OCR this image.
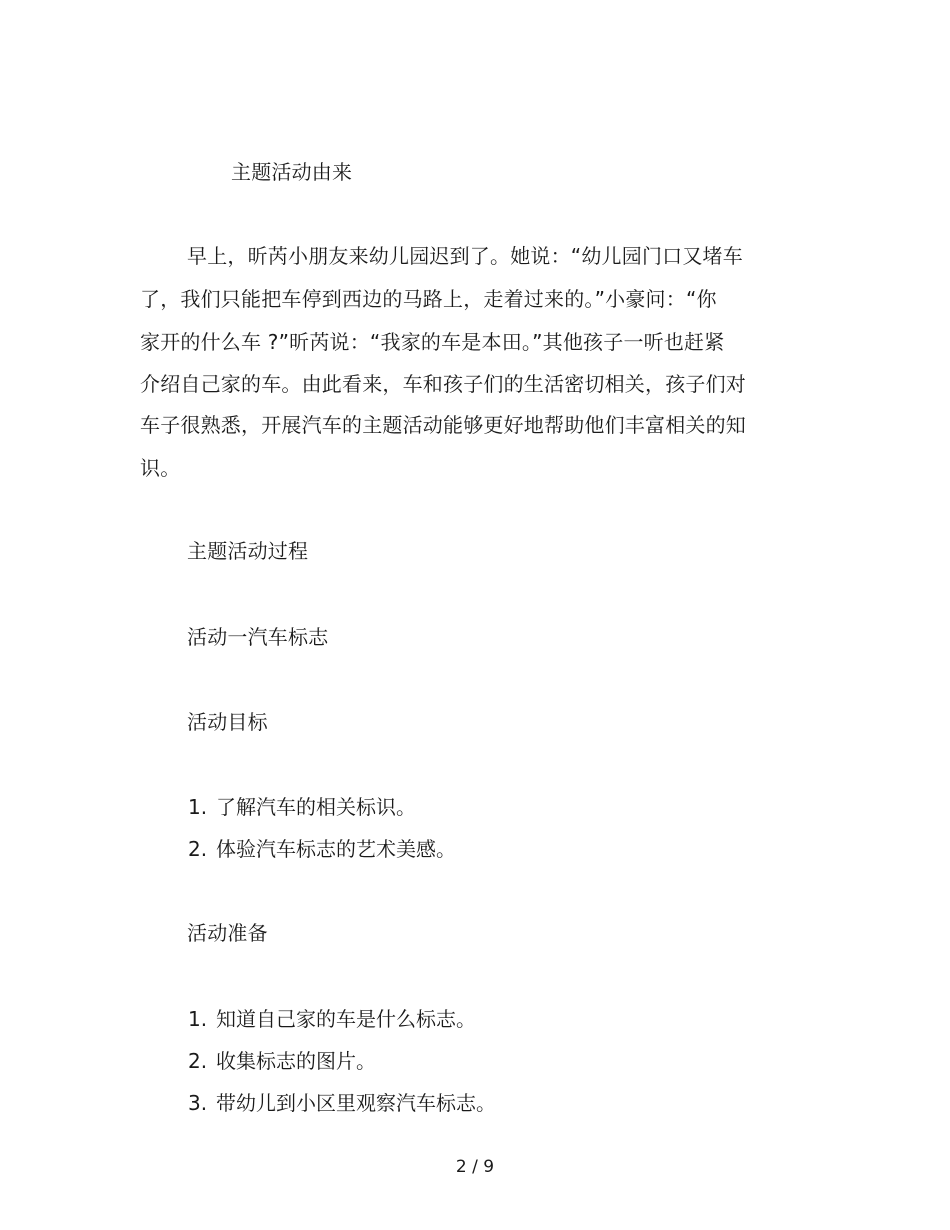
主题活动由来
早上，昕芮小朋友来幼儿园迟到了。她说：“幼儿园门口又堵车
了，我们只能把车停到西边的马路上，走着过来的。”小豪问：“你
家开的什么车 ?”昕芮说：“我家的车是本田。”其他孩子一听也赶紧
介绍自己家的车。由此看来，车和孩子们的生活密切相关，孩子们对
车子很熟悉，开展汽车的主题活动能够更好地帮助他们丰富相关的知
识。
主题活动过程
活动一汽车标志
活动目标
1. 了解汽车的相关标识。
2. 体验汽车标志的艺术美感。
活动准备
1. 知道自己家的车是什么标志。
2. 收集标志的图片。
3. 带幼儿到小区里观察汽车标志。
2 / 9
